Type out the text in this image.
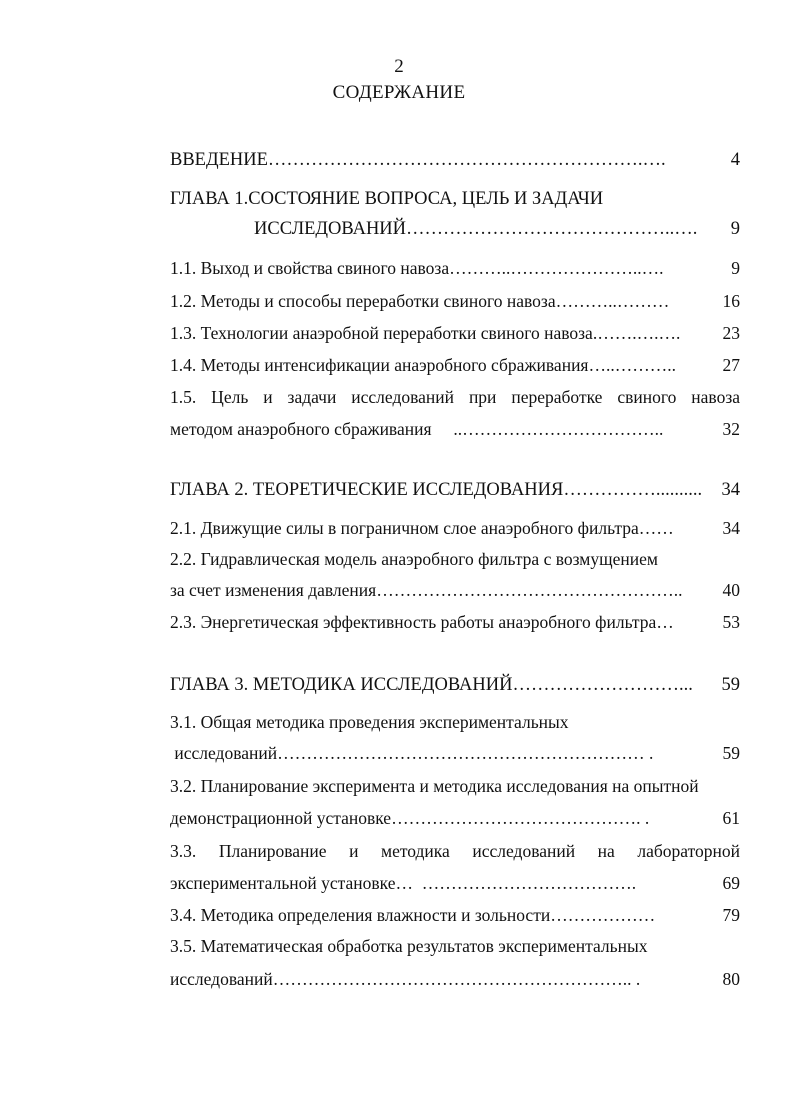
2
СОДЕРЖАНИЕ
ВВЕДЕНИЕ …………………………………………………….….	4
ГЛАВА 1.СОСТОЯНИЕ ВОПРОСА, ЦЕЛЬ И ЗАДАЧИ
ИССЛЕДОВАНИЙ ……………………………………..….	9
1.1. Выход и свойства свиного навоза ………..…………………..….	9
1.2. Методы и способы переработки свиного навоза ………..………	16
1.3. Технологии анаэробной переработки свиного навоза. …….….….	23
1.4. Методы интенсификации анаэробного сбраживания …..………..	27
1.5. Цель и задачи исследований при переработке свиного навоза
методом анаэробного сбраживания ..……………………………..	32
ГЛАВА 2. ТЕОРЕТИЧЕСКИЕ ИССЛЕДОВАНИЯ ……………..........	34
2.1. Движущие силы в пограничном слое анаэробного фильтра ……	34
2.2. Гидравлическая модель анаэробного фильтра с возмущением
за счет изменения давления ……………………………………………..	40
2.3. Энергетическая эффективность работы анаэробного фильтра …	53
ГЛАВА 3. МЕТОДИКА ИССЛЕДОВАНИЙ ………………………...	59
3.1. Общая методика проведения экспериментальных
исследований ……………………………………………………… .	59
3.2. Планирование эксперимента и методика исследования на опытной
демонстрационной установке ……………………………………. .	61
3.3. Планирование и методика исследований на лабораторной
экспериментальной установке… ……………………………….	69
3.4. Методика определения влажности и зольности ………………	79
3.5. Математическая обработка результатов экспериментальных
исследований …………………………………………………….. .	80
